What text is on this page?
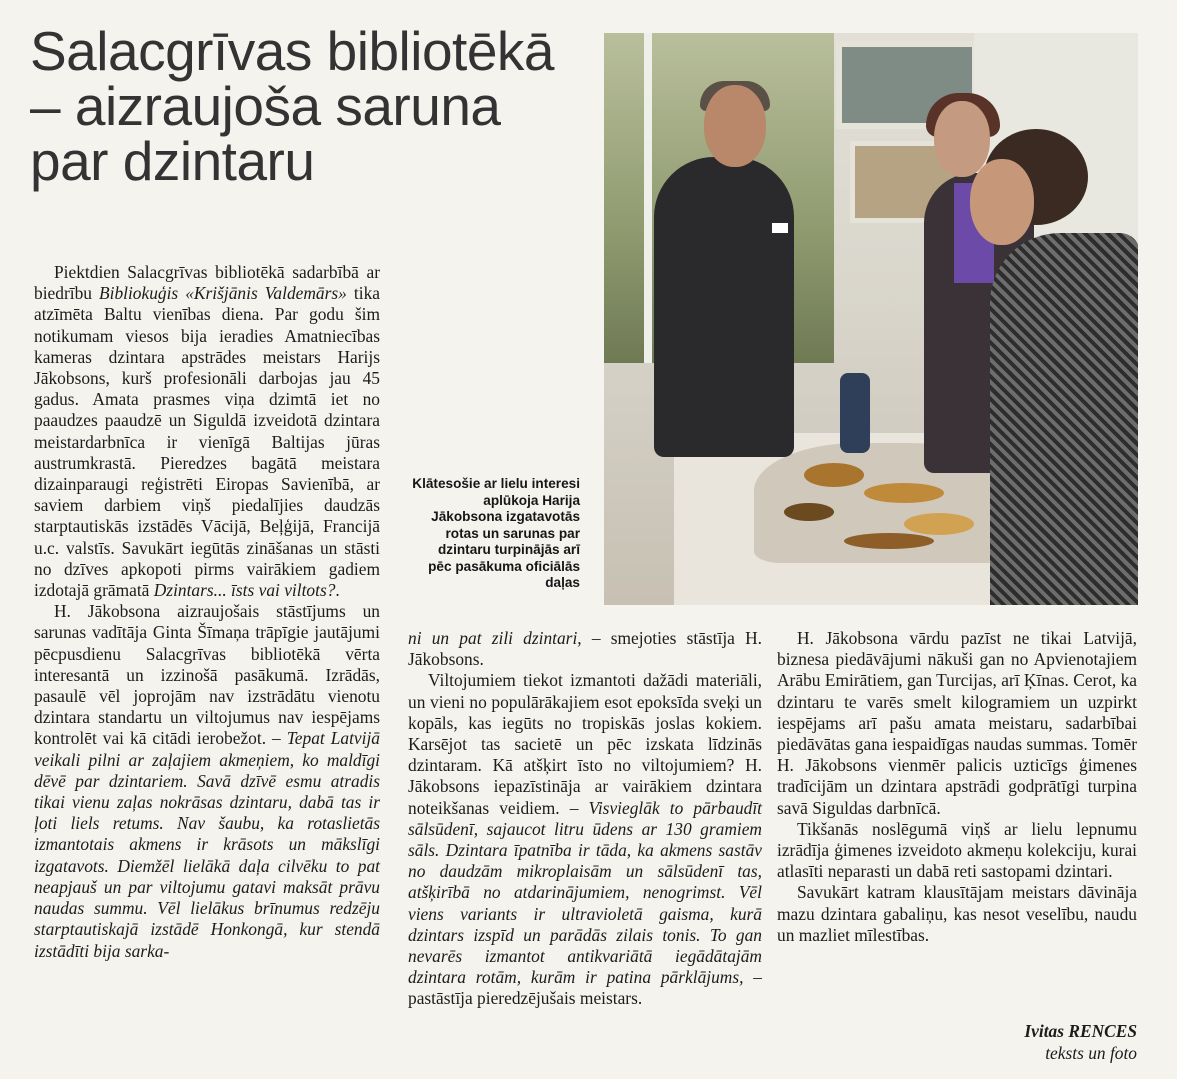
Salacgrīvas bibliotēkā – aizraujoša saruna par dzintaru

Klātesošie ar lielu interesi aplūkoja Harija Jākobsona izgatavotās rotas un sarunas par dzintaru turpinājās arī pēc pasākuma oficiālās daļas

Piektdien Salacgrīvas bibliotēkā sadarbībā ar biedrību Bibliokuģis «Krišjānis Valdemārs» tika atzīmēta Baltu vienības diena. Par godu šim notikumam viesos bija ieradies Amatniecības kameras dzintara apstrādes meistars Harijs Jākobsons, kurš profesionāli darbojas jau 45 gadus. Amata prasmes viņa dzimtā iet no paaudzes paaudzē un Siguldā izveidotā dzintara meistardarbnīca ir vienīgā Baltijas jūras austrumkrastā. Pieredzes bagātā meistara dizainparaugi reģistrēti Eiropas Savienībā, ar saviem darbiem viņš piedalījies daudzās starptautiskās izstādēs Vācijā, Beļģijā, Francijā u.c. valstīs. Savukārt iegūtās zināšanas un stāsti no dzīves apkopoti pirms vairākiem gadiem izdotajā grāmatā Dzintars... īsts vai viltots?.

H. Jākobsona aizraujošais stāstījums un sarunas vadītāja Ginta Šīmaņa trāpīgie jautājumi pēcpusdienu Salacgrīvas bibliotēkā vērta interesantā un izzinošā pasākumā. Izrādās, pasaulē vēl joprojām nav izstrādātu vienotu dzintara standartu un viltojumus nav iespējams kontrolēt vai kā citādi ierobežot. – Tepat Latvijā veikali pilni ar zaļajiem akmeņiem, ko maldīgi dēvē par dzintariem. Savā dzīvē esmu atradis tikai vienu zaļas nokrāsas dzintaru, dabā tas ir ļoti liels retums. Nav šaubu, ka rotaslietās izmantotais akmens ir krāsots un mākslīgi izgatavots. Diemžēl lielākā daļa cilvēku to pat neapjauš un par viltojumu gatavi maksāt prāvu naudas summu. Vēl lielākus brīnumus redzēju starptautiskajā izstādē Honkongā, kur stendā izstādīti bija sarka-

ni un pat zili dzintari, – smejoties stāstīja H. Jākobsons.

Viltojumiem tiekot izmantoti dažādi materiāli, un vieni no populārākajiem esot epoksīda sveķi un kopāls, kas iegūts no tropiskās joslas kokiem. Karsējot tas sacietē un pēc izskata līdzinās dzintaram. Kā atšķirt īsto no viltojumiem? H. Jākobsons iepazīstināja ar vairākiem dzintara noteikšanas veidiem. – Visvieglāk to pārbaudīt sālsūdenī, sajaucot litru ūdens ar 130 gramiem sāls. Dzintara īpatnība ir tāda, ka akmens sastāv no daudzām mikroplaisām un sālsūdenī tas, atšķirībā no atdarinājumiem, nenogrimst. Vēl viens variants ir ultravioletā gaisma, kurā dzintars izspīd un parādās zilais tonis. To gan nevarēs izmantot antikvariātā iegādātajām dzintara rotām, kurām ir patina pārklājums, – pastāstīja pieredzējušais meistars.

H. Jākobsona vārdu pazīst ne tikai Latvijā, biznesa piedāvājumi nākuši gan no Apvienotajiem Arābu Emirātiem, gan Turcijas, arī Ķīnas. Cerot, ka dzintaru te varēs smelt kilogramiem un uzpirkt iespējams arī pašu amata meistaru, sadarbībai piedāvātas gana iespaidīgas naudas summas. Tomēr H. Jākobsons vienmēr palicis uzticīgs ģimenes tradīcijām un dzintara apstrādi godprātīgi turpina savā Siguldas darbnīcā.

Tikšanās noslēgumā viņš ar lielu lepnumu izrādīja ģimenes izveidoto akmeņu kolekciju, kurai atlasīti neparasti un dabā reti sastopami dzintari.

Savukārt katram klausītājam meistars dāvināja mazu dzintara gabaliņu, kas nesot veselību, naudu un mazliet mīlestības.

Ivitas RENCES
teksts un foto
